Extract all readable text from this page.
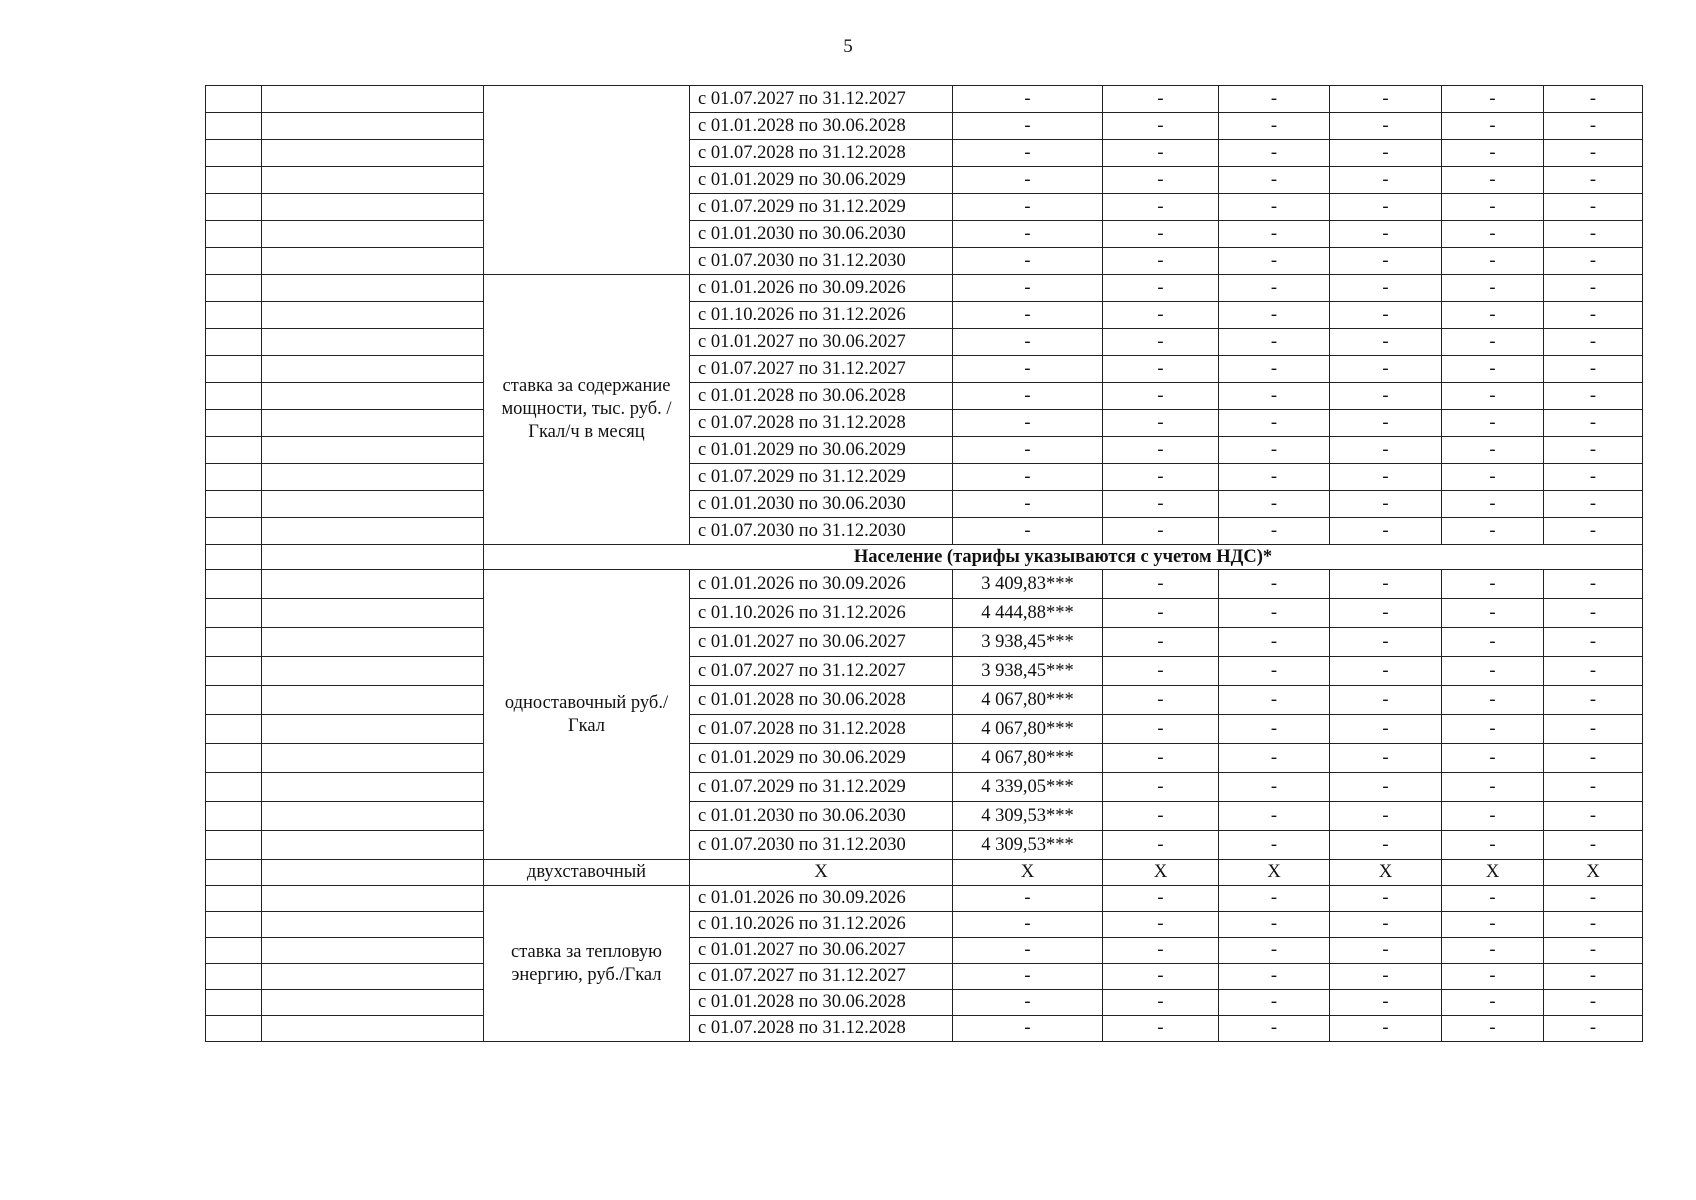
5
			с 01.07.2027 по 31.12.2027	-	-	-	-	-	-
			с 01.01.2028 по 30.06.2028	-	-	-	-	-	-
			с 01.07.2028 по 31.12.2028	-	-	-	-	-	-
			с 01.01.2029 по 30.06.2029	-	-	-	-	-	-
			с 01.07.2029 по 31.12.2029	-	-	-	-	-	-
			с 01.01.2030 по 30.06.2030	-	-	-	-	-	-
			с 01.07.2030 по 31.12.2030	-	-	-	-	-	-
		ставка за содержание мощности, тыс. руб. /Гкал/ч в месяц	с 01.01.2026 по 30.09.2026	-	-	-	-	-	-
			с 01.10.2026 по 31.12.2026	-	-	-	-	-	-
			с 01.01.2027 по 30.06.2027	-	-	-	-	-	-
			с 01.07.2027 по 31.12.2027	-	-	-	-	-	-
			с 01.01.2028 по 30.06.2028	-	-	-	-	-	-
			с 01.07.2028 по 31.12.2028	-	-	-	-	-	-
			с 01.01.2029 по 30.06.2029	-	-	-	-	-	-
			с 01.07.2029 по 31.12.2029	-	-	-	-	-	-
			с 01.01.2030 по 30.06.2030	-	-	-	-	-	-
			с 01.07.2030 по 31.12.2030	-	-	-	-	-	-
		Население (тарифы указываются с учетом НДС)*							
		одноставочный руб./Гкал	с 01.01.2026 по 30.09.2026	3 409,83***	-	-	-	-	-
			с 01.10.2026 по 31.12.2026	4 444,88***	-	-	-	-	-
			с 01.01.2027 по 30.06.2027	3 938,45***	-	-	-	-	-
			с 01.07.2027 по 31.12.2027	3 938,45***	-	-	-	-	-
			с 01.01.2028 по 30.06.2028	4 067,80***	-	-	-	-	-
			с 01.07.2028 по 31.12.2028	4 067,80***	-	-	-	-	-
			с 01.01.2029 по 30.06.2029	4 067,80***	-	-	-	-	-
			с 01.07.2029 по 31.12.2029	4 339,05***	-	-	-	-	-
			с 01.01.2030 по 30.06.2030	4 309,53***	-	-	-	-	-
			с 01.07.2030 по 31.12.2030	4 309,53***	-	-	-	-	-
		двухставочный	X	X	X	X	X	X	X
		ставка за тепловую энергию, руб./Гкал	с 01.01.2026 по 30.09.2026	-	-	-	-	-	-
			с 01.10.2026 по 31.12.2026	-	-	-	-	-	-
			с 01.01.2027 по 30.06.2027	-	-	-	-	-	-
			с 01.07.2027 по 31.12.2027	-	-	-	-	-	-
			с 01.01.2028 по 30.06.2028	-	-	-	-	-	-
			с 01.07.2028 по 31.12.2028	-	-	-	-	-	-
